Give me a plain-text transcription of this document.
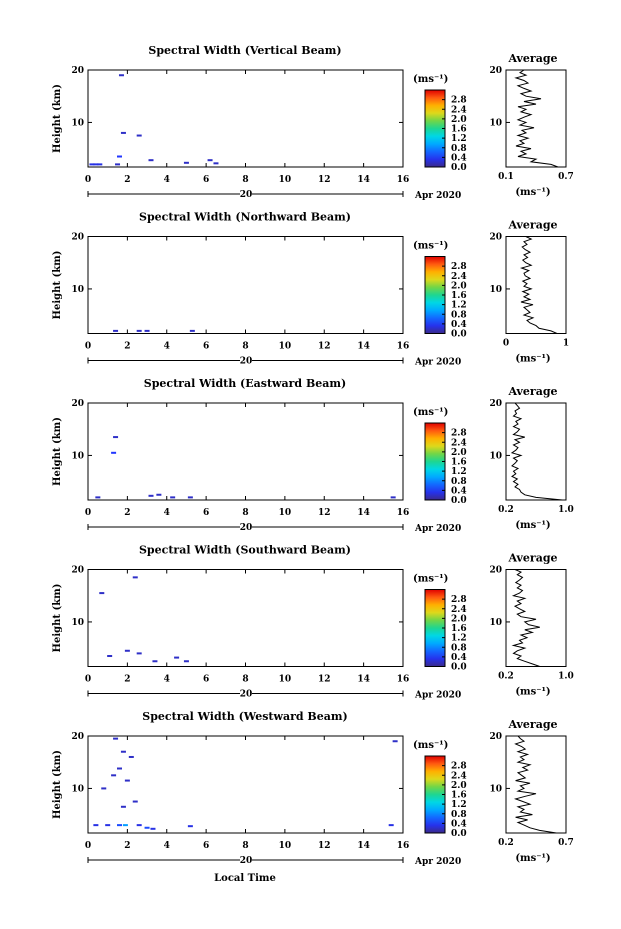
Spectral Width (Vertical Beam)
Height (km)
0	2	4	6	8	10	12	14	16
10
20
20	Apr 2020
(ms⁻¹)
0.0
0.4
0.8
1.2
1.6
2.0
2.4
2.8
Average
10
20
0.1	0.7
(ms⁻¹)
Spectral Width (Northward Beam)
Height (km)
0	2	4	6	8	10	12	14	16
10
20
20	Apr 2020
(ms⁻¹)
0.0
0.4
0.8
1.2
1.6
2.0
2.4
2.8
Average
10
20
0	1
(ms⁻¹)
Spectral Width (Eastward Beam)
Height (km)
0	2	4	6	8	10	12	14	16
10
20
20	Apr 2020
(ms⁻¹)
0.0
0.4
0.8
1.2
1.6
2.0
2.4
2.8
Average
10
20
0.2	1.0
(ms⁻¹)
Spectral Width (Southward Beam)
Height (km)
0	2	4	6	8	10	12	14	16
10
20
20	Apr 2020
(ms⁻¹)
0.0
0.4
0.8
1.2
1.6
2.0
2.4
2.8
Average
10
20
0.2	1.0
(ms⁻¹)
Spectral Width (Westward Beam)
Height (km)
0	2	4	6	8	10	12	14	16
10
20
20	Apr 2020
(ms⁻¹)
0.0
0.4
0.8
1.2
1.6
2.0
2.4
2.8
Average
10
20
0.2	0.7
(ms⁻¹)
Local Time
